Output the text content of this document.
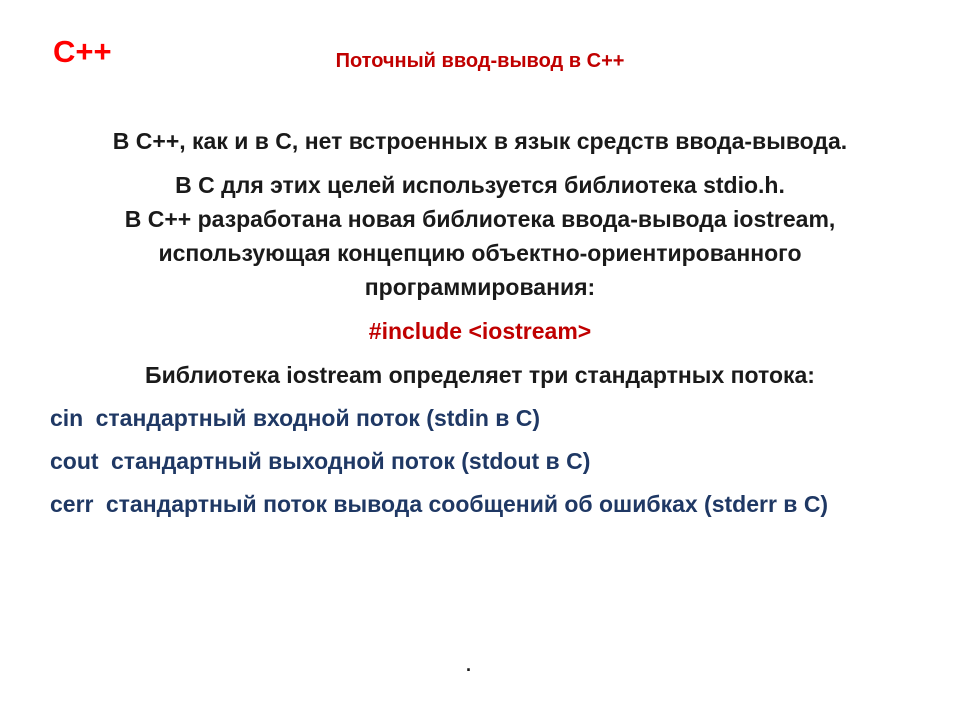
C++	Поточный ввод-вывод в C++
В C++, как и в C, нет встроенных в язык средств ввода-вывода.
В C для этих целей используется библиотека stdio.h.
В C++ разработана новая библиотека ввода-вывода iostream, использующая концепцию объектно-ориентированного программирования:
#include <iostream>
Библиотека iostream определяет три стандартных потока:
cin стандартный входной поток (stdin в C)
cout стандартный выходной поток (stdout в C)
cerr стандартный поток вывода сообщений об ошибках (stderr в C)
.
